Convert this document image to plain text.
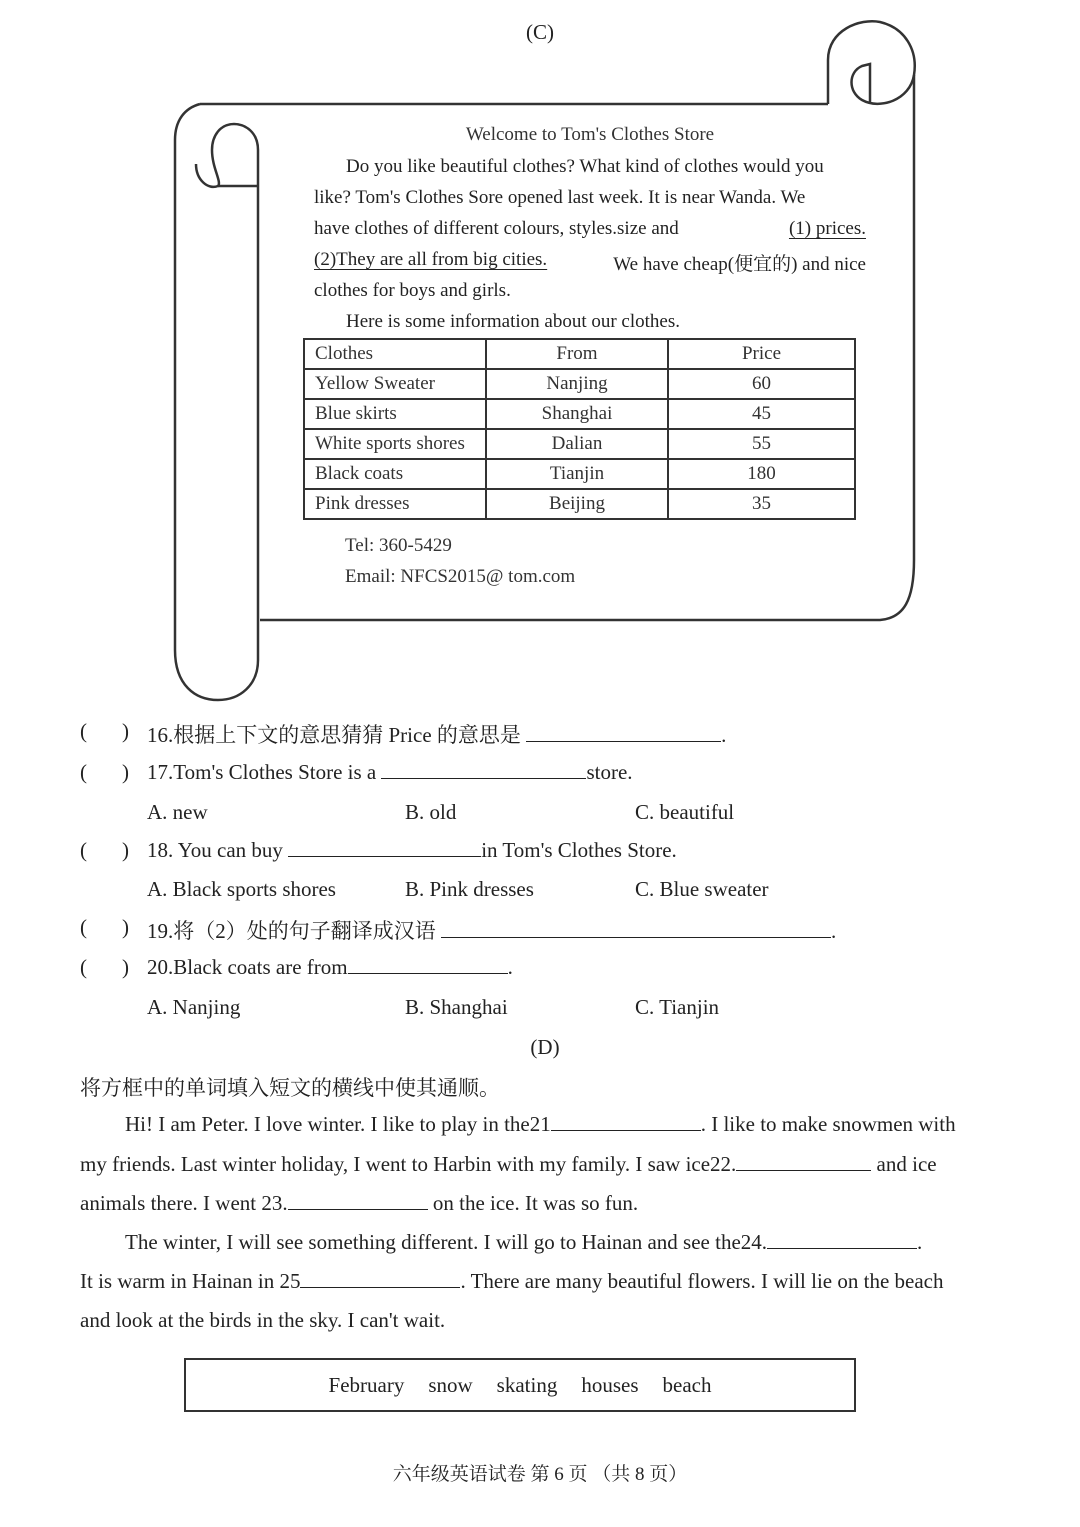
(C)
Welcome to Tom's Clothes Store
Do you like beautiful clothes? What kind of clothes would you
like? Tom's Clothes Sore opened last week. It is near Wanda. We
have clothes of different colours, styles.size and	(1) prices.
(2)They are all from big cities.	We have cheap(便宜的) and nice
clothes for boys and girls.
Here is some information about our clothes.
Clothes	From	Price
Yellow Sweater	Nanjing	60
Blue skirts	Shanghai	45
White sports shores	Dalian	55
Black coats	Tianjin	180
Pink dresses	Beijing	35
Tel: 360-5429
Email: NFCS2015@ tom.com
( ) 16.根据上下文的意思猜猜 Price 的意思是	.
( ) 17.Tom's Clothes Store is a	store.
A. new	B. old	C. beautiful
( ) 18. You can buy	in Tom's Clothes Store.
A. Black sports shores	B. Pink dresses	C. Blue sweater
( ) 19.将（2）处的句子翻译成汉语	.
( ) 20.Black coats are from	.
A. Nanjing	B. Shanghai	C. Tianjin
(D)
将方框中的单词填入短文的横线中使其通顺。
Hi! I am Peter. I love winter. I like to play in the21	. I like to make snowmen with
my friends. Last winter holiday, I went to Harbin with my family. I saw ice22.	and ice
animals there. I went 23.	on the ice. It was so fun.
The winter, I will see something different. I will go to Hainan and see the24.	.
It is warm in Hainan in 25	. There are many beautiful flowers. I will lie on the beach
and look at the birds in the sky. I can't wait.
February snow skating houses beach
六年级英语试卷 第 6 页 （共 8 页）
